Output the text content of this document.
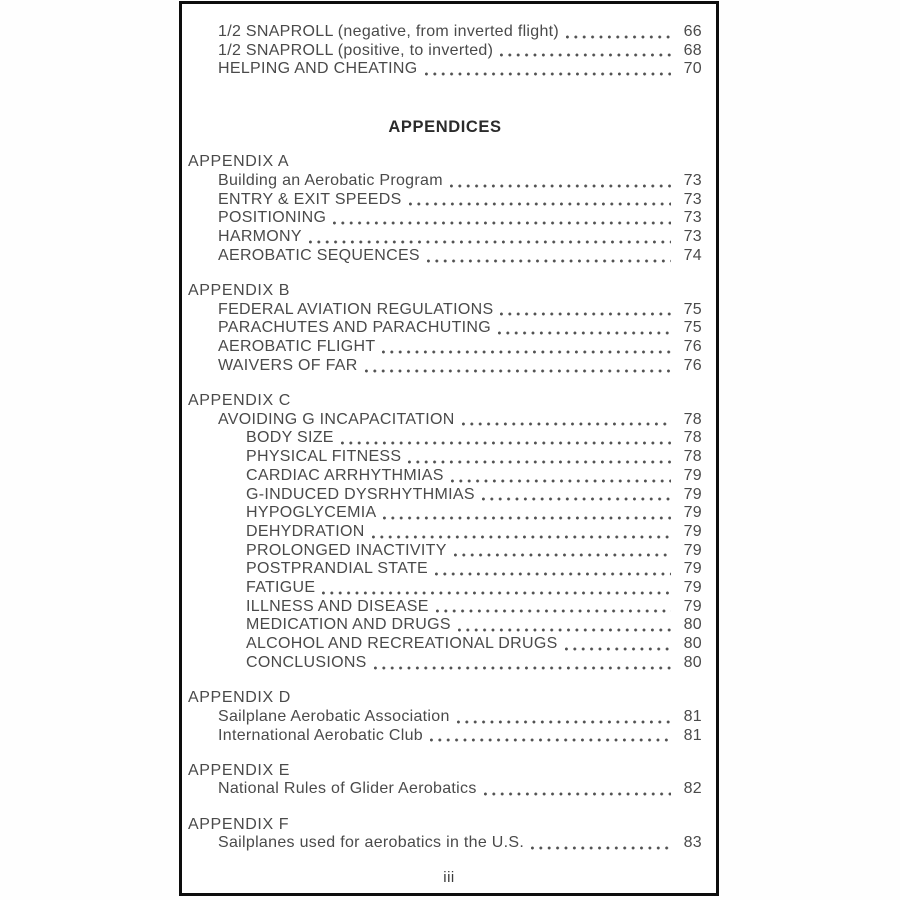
1/2 SNAPROLL (negative, from inverted flight)	66
1/2 SNAPROLL (positive, to inverted)	68
HELPING AND CHEATING	70
APPENDICES
APPENDIX A
Building an Aerobatic Program	73
ENTRY & EXIT SPEEDS	73
POSITIONING	73
HARMONY	73
AEROBATIC SEQUENCES	74
APPENDIX B
FEDERAL AVIATION REGULATIONS	75
PARACHUTES AND PARACHUTING	75
AEROBATIC FLIGHT	76
WAIVERS OF FAR	76
APPENDIX C
AVOIDING G INCAPACITATION	78
BODY SIZE	78
PHYSICAL FITNESS	78
CARDIAC ARRHYTHMIAS	79
G-INDUCED DYSRHYTHMIAS	79
HYPOGLYCEMIA	79
DEHYDRATION	79
PROLONGED INACTIVITY	79
POSTPRANDIAL STATE	79
FATIGUE	79
ILLNESS AND DISEASE	79
MEDICATION AND DRUGS	80
ALCOHOL AND RECREATIONAL DRUGS	80
CONCLUSIONS	80
APPENDIX D
Sailplane Aerobatic Association	81
International Aerobatic Club	81
APPENDIX E
National Rules of Glider Aerobatics	82
APPENDIX F
Sailplanes used for aerobatics in the U.S.	83
iii
